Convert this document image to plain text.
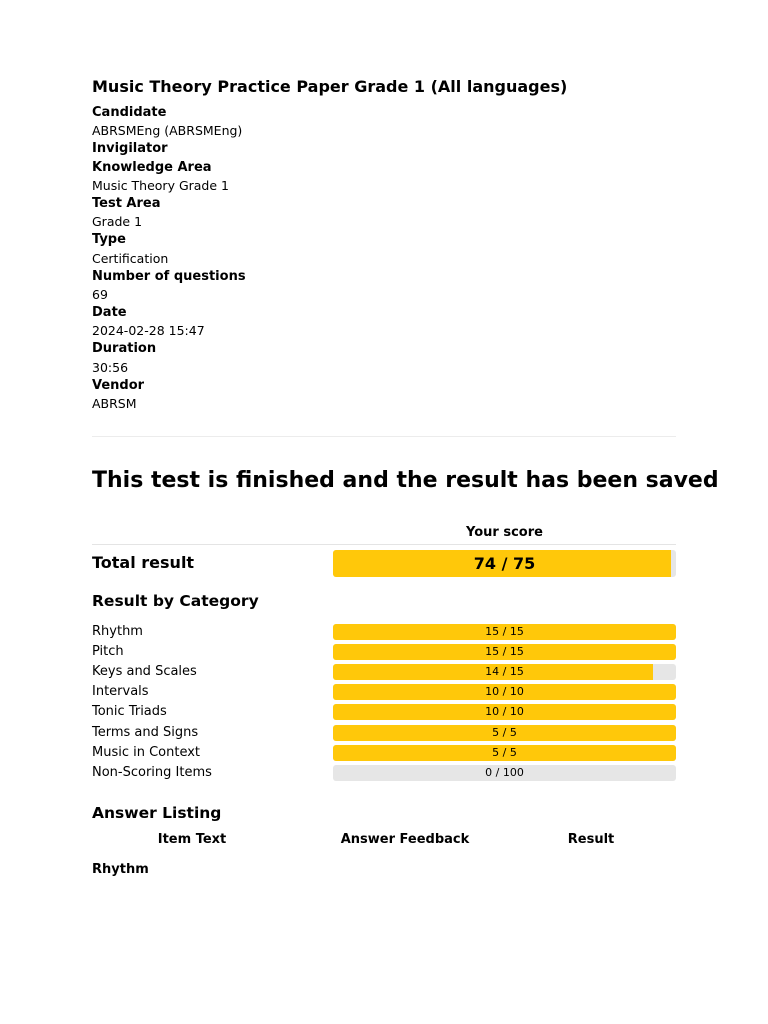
Music Theory Practice Paper Grade 1 (All languages)
Candidate
ABRSMEng (ABRSMEng)
Invigilator
Knowledge Area
Music Theory Grade 1
Test Area
Grade 1
Type
Certification
Number of questions
69
Date
2024-02-28 15:47
Duration
30:56
Vendor
ABRSM
This test is finished and the result has been saved
Your score
Total result	74 / 75
Result by Category
Rhythm	15 / 15
Pitch	15 / 15
Keys and Scales	14 / 15
Intervals	10 / 10
Tonic Triads	10 / 10
Terms and Signs	5 / 5
Music in Context	5 / 5
Non-Scoring Items	0 / 100
Answer Listing
Item Text	Answer Feedback	Result
Rhythm
